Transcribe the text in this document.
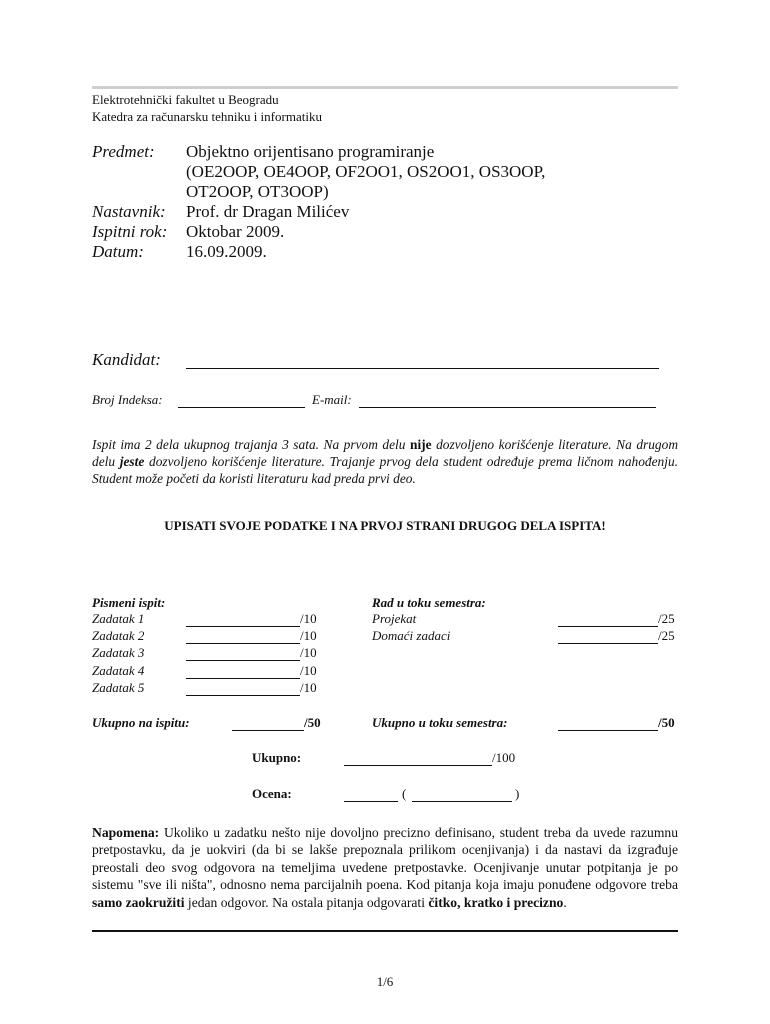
Elektrotehnički fakultet u Beogradu
Katedra za računarsku tehniku i informatiku
Predmet: Objektno orijentisano programiranje
(OE2OOP, OE4OOP, OF2OO1, OS2OO1, OS3OOP,
OT2OOP, OT3OOP)
Nastavnik: Prof. dr Dragan Milićev
Ispitni rok: Oktobar 2009.
Datum: 16.09.2009.
Kandidat:
Broj Indeksa:	E-mail:
Ispit ima 2 dela ukupnog trajanja 3 sata. Na prvom delu nije dozvoljeno korišćenje literature. Na drugom delu jeste dozvoljeno korišćenje literature. Trajanje prvog dela student određuje prema ličnom nahođenju. Student može početi da koristi literaturu kad preda prvi deo.
UPISATI SVOJE PODATKE I NA PRVOJ STRANI DRUGOG DELA ISPITA!
Pismeni ispit:
Zadatak 1	/10
Zadatak 2	/10
Zadatak 3	/10
Zadatak 4	/10
Zadatak 5	/10
Rad u toku semestra:
Projekat	/25
Domaći zadaci	/25
Ukupno na ispitu:	/50	Ukupno u toku semestra:	/50
Ukupno:	/100
Ocena:	(	)
Napomena: Ukoliko u zadatku nešto nije dovoljno precizno definisano, student treba da uvede razumnu pretpostavku, da je uokviri (da bi se lakše prepoznala prilikom ocenjivanja) i da nastavi da izgrađuje preostali deo svog odgovora na temeljima uvedene pretpostavke. Ocenjivanje unutar potpitanja je po sistemu "sve ili ništa", odnosno nema parcijalnih poena. Kod pitanja koja imaju ponuđene odgovore treba samo zaokružiti jedan odgovor. Na ostala pitanja odgovarati čitko, kratko i precizno.
1/6
